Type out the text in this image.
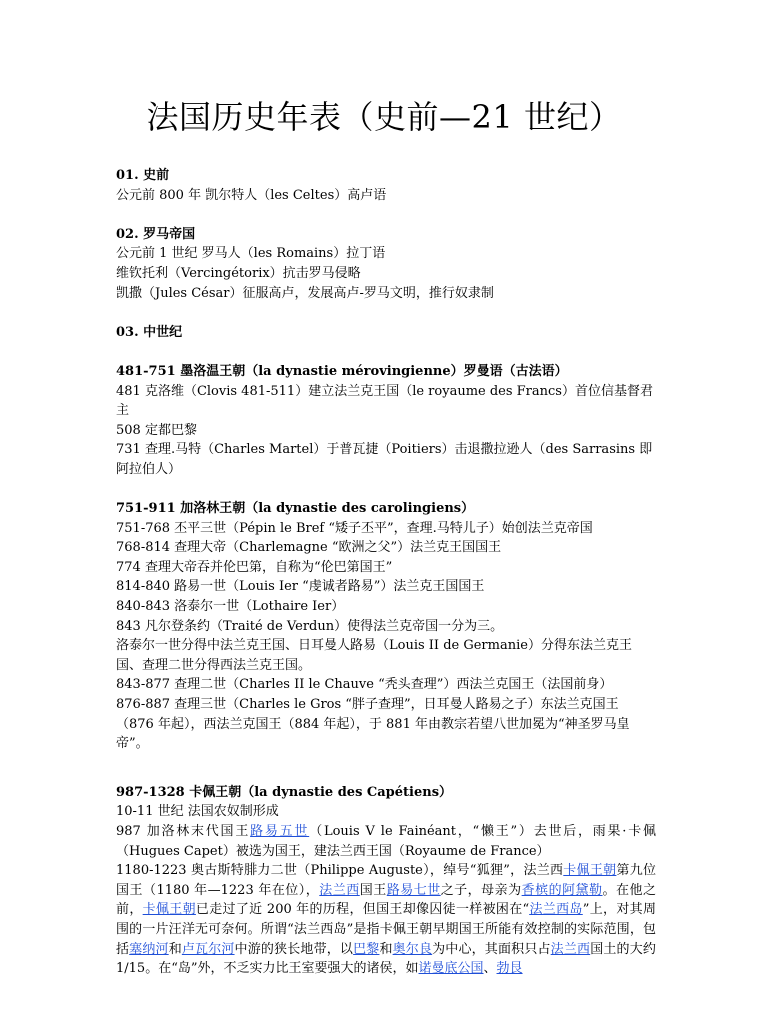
法国历史年表（史前—21 世纪）

01. 史前

公元前 800 年 凯尔特人（les Celtes）高卢语

02. 罗马帝国

公元前 1 世纪 罗马人（les Romains）拉丁语

维钦托利（Vercingétorix）抗击罗马侵略

凯撒（Jules César）征服高卢，发展高卢-罗马文明，推行奴隶制

03. 中世纪

481-751 墨洛温王朝（la dynastie mérovingienne）罗曼语（古法语）

481 克洛维（Clovis 481-511）建立法兰克王国（le royaume des Francs）首位信基督君主

508 定都巴黎

731 查理.马特（Charles Martel）于普瓦捷（Poitiers）击退撒拉逊人（des Sarrasins 即阿拉伯人）

751-911 加洛林王朝（la dynastie des carolingiens）

751-768 丕平三世（Pépin le Bref “矮子丕平”，查理.马特儿子）始创法兰克帝国

768-814 查理大帝（Charlemagne “欧洲之父”）法兰克王国国王

774 查理大帝吞并伦巴第，自称为“伦巴第国王”

814-840 路易一世（Louis Ier “虔诚者路易”）法兰克王国国王

840-843 洛泰尔一世（Lothaire Ier）

843 凡尔登条约（Traité de Verdun）使得法兰克帝国一分为三。

洛泰尔一世分得中法兰克王国、日耳曼人路易（Louis II de Germanie）分得东法兰克王国、查理二世分得西法兰克王国。

843-877 查理二世（Charles II le Chauve “秃头查理”）西法兰克国王（法国前身）

876-887 查理三世（Charles le Gros “胖子查理”，日耳曼人路易之子）东法兰克国王（876 年起），西法兰克国王（884 年起），于 881 年由教宗若望八世加冕为“神圣罗马皇帝”。

987-1328 卡佩王朝（la dynastie des Capétiens）

10-11 世纪 法国农奴制形成

987 加洛林末代国王路易五世（Louis V le Fainéant，“懒王”）去世后，雨果·卡佩（Hugues Capet）被选为国王，建法兰西王国（Royaume de France）

1180-1223 奥古斯特腓力二世（Philippe Auguste），绰号“狐狸”，法兰西卡佩王朝第九位国王（1180 年—1223 年在位），法兰西国王路易七世之子，母亲为香槟的阿黛勒。在他之前，卡佩王朝已走过了近 200 年的历程，但国王却像囚徒一样被困在“法兰西岛”上，对其周围的一片汪洋无可奈何。所谓“法兰西岛”是指卡佩王朝早期国王所能有效控制的实际范围，包括塞纳河和卢瓦尔河中游的狭长地带，以巴黎和奥尔良为中心，其面积只占法兰西国土的大约 1/15。在“岛”外，不乏实力比王室要强大的诸侯，如诺曼底公国、勃艮
